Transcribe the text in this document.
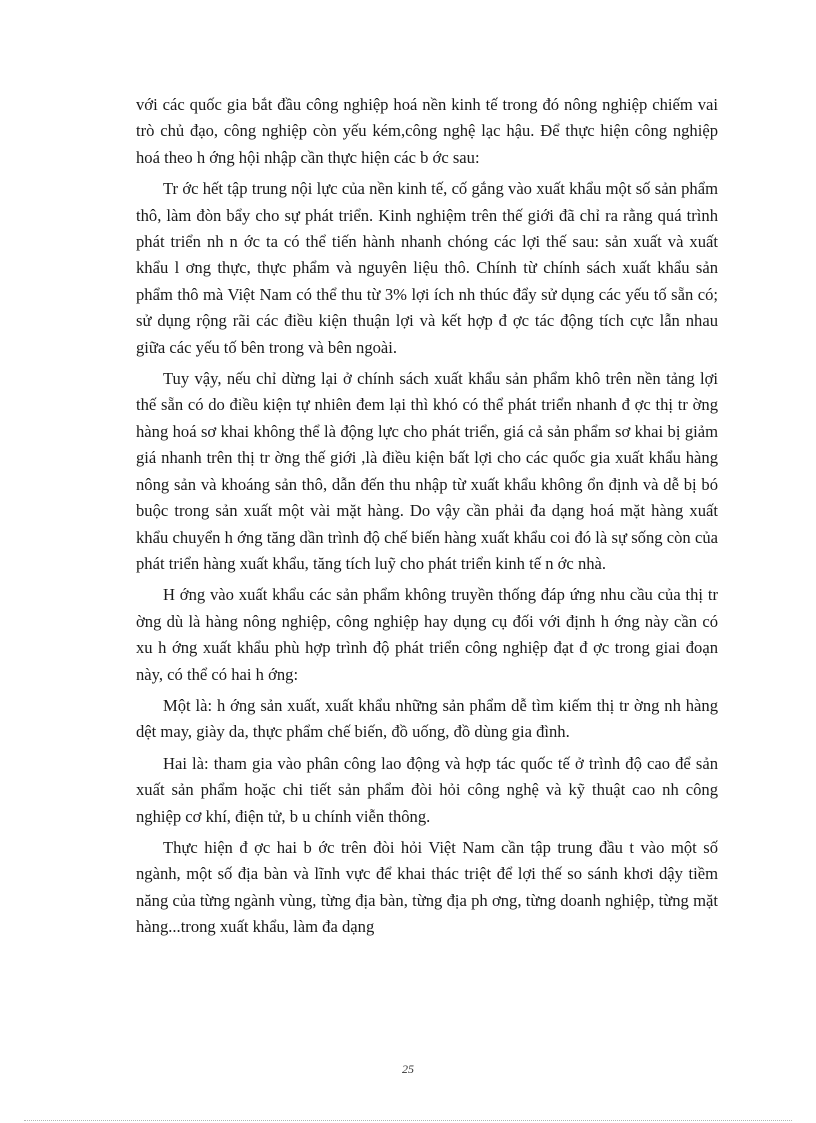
với các quốc gia bắt đầu công nghiệp hoá nền kinh tế trong đó nông nghiệp chiếm vai trò chủ đạo, công nghiệp còn yếu kém,công nghệ lạc hậu. Để thực hiện công nghiệp hoá theo h ớng hội nhập cần thực hiện các b ớc sau:

Tr ớc hết tập trung nội lực của nền kinh tế, cố gắng vào xuất khẩu một số sản phẩm thô, làm đòn bẩy cho sự phát triển. Kinh nghiệm trên thế giới đã chỉ ra rằng quá trình phát triển nh n ớc ta có thể tiến hành nhanh chóng các lợi thế sau: sản xuất và xuất khẩu l ơng thực, thực phẩm và nguyên liệu thô. Chính từ chính sách xuất khẩu sản phẩm thô mà Việt Nam có thể thu từ 3% lợi ích nh thúc đẩy sử dụng các yếu tố sẵn có; sử dụng rộng rãi các điều kiện thuận lợi và kết hợp đ ợc tác động tích cực lẫn nhau giữa các yếu tố bên trong và bên ngoài.

Tuy vậy, nếu chỉ dừng lại ở chính sách xuất khẩu sản phẩm khô trên nền tảng lợi thế sẵn có do điều kiện tự nhiên đem lại thì khó có thể phát triển nhanh đ ợc thị tr ờng hàng hoá sơ khai không thể là động lực cho phát triển, giá cả sản phẩm sơ khai bị giảm giá nhanh trên thị tr ờng thế giới ,là điều kiện bất lợi cho các quốc gia xuất khẩu hàng nông sản và khoáng sản thô, dẫn đến thu nhập từ xuất khẩu không ổn định và dễ bị bó buộc trong sản xuất một vài mặt hàng. Do vậy cần phải đa dạng hoá mặt hàng xuất khẩu chuyển h ớng tăng dần trình độ chế biến hàng xuất khẩu coi đó là sự sống còn của phát triển hàng xuất khẩu, tăng tích luỹ cho phát triển kinh tế n ớc nhà.

H ớng vào xuất khẩu các sản phẩm không truyền thống đáp ứng nhu cầu của thị tr ờng dù là hàng nông nghiệp, công nghiệp hay dụng cụ đối với định h ớng này cần có xu h ớng xuất khẩu phù hợp trình độ phát triển công nghiệp đạt đ ợc trong giai đoạn này, có thể có hai h ớng:

Một là: h ớng sản xuất, xuất khẩu những sản phẩm dễ tìm kiếm thị tr ờng nh hàng dệt may, giày da, thực phẩm chế biến, đồ uống, đồ dùng gia đình.

Hai là: tham gia vào phân công lao động và hợp tác quốc tế ở trình độ cao để sản xuất sản phẩm hoặc chi tiết sản phẩm đòi hỏi công nghệ và kỹ thuật cao nh công nghiệp cơ khí, điện tử, b u chính viễn thông.

Thực hiện đ ợc hai b ớc trên đòi hỏi Việt Nam cần tập trung đầu t vào một số ngành, một số địa bàn và lĩnh vực để khai thác triệt để lợi thế so sánh khơi dậy tiềm năng của từng ngành vùng, từng địa bàn, từng địa ph ơng, từng doanh nghiệp, từng mặt hàng...trong xuất khẩu, làm đa dạng

25
